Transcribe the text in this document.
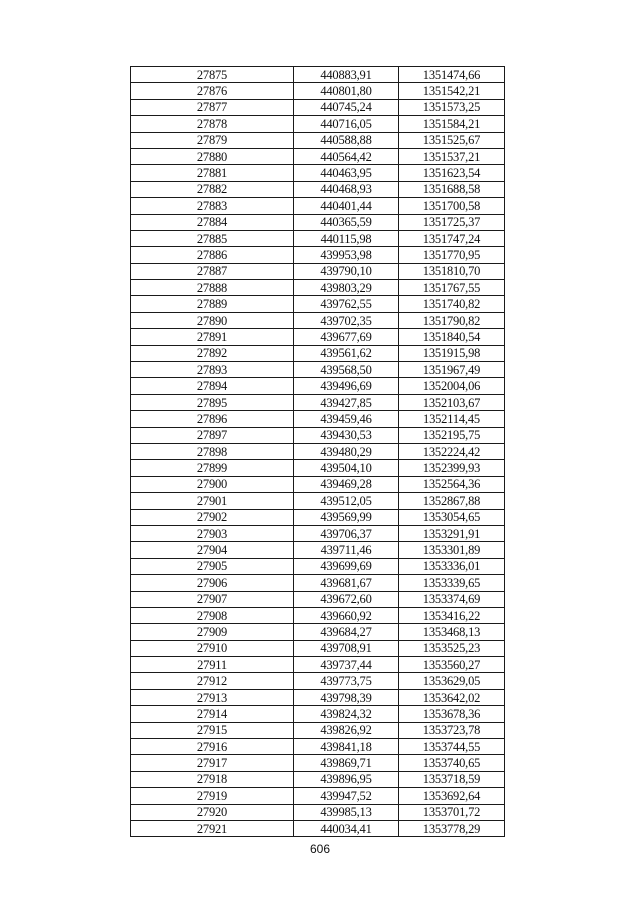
27875	440883,91	1351474,66
27876	440801,80	1351542,21
27877	440745,24	1351573,25
27878	440716,05	1351584,21
27879	440588,88	1351525,67
27880	440564,42	1351537,21
27881	440463,95	1351623,54
27882	440468,93	1351688,58
27883	440401,44	1351700,58
27884	440365,59	1351725,37
27885	440115,98	1351747,24
27886	439953,98	1351770,95
27887	439790,10	1351810,70
27888	439803,29	1351767,55
27889	439762,55	1351740,82
27890	439702,35	1351790,82
27891	439677,69	1351840,54
27892	439561,62	1351915,98
27893	439568,50	1351967,49
27894	439496,69	1352004,06
27895	439427,85	1352103,67
27896	439459,46	1352114,45
27897	439430,53	1352195,75
27898	439480,29	1352224,42
27899	439504,10	1352399,93
27900	439469,28	1352564,36
27901	439512,05	1352867,88
27902	439569,99	1353054,65
27903	439706,37	1353291,91
27904	439711,46	1353301,89
27905	439699,69	1353336,01
27906	439681,67	1353339,65
27907	439672,60	1353374,69
27908	439660,92	1353416,22
27909	439684,27	1353468,13
27910	439708,91	1353525,23
27911	439737,44	1353560,27
27912	439773,75	1353629,05
27913	439798,39	1353642,02
27914	439824,32	1353678,36
27915	439826,92	1353723,78
27916	439841,18	1353744,55
27917	439869,71	1353740,65
27918	439896,95	1353718,59
27919	439947,52	1353692,64
27920	439985,13	1353701,72
27921	440034,41	1353778,29
606
